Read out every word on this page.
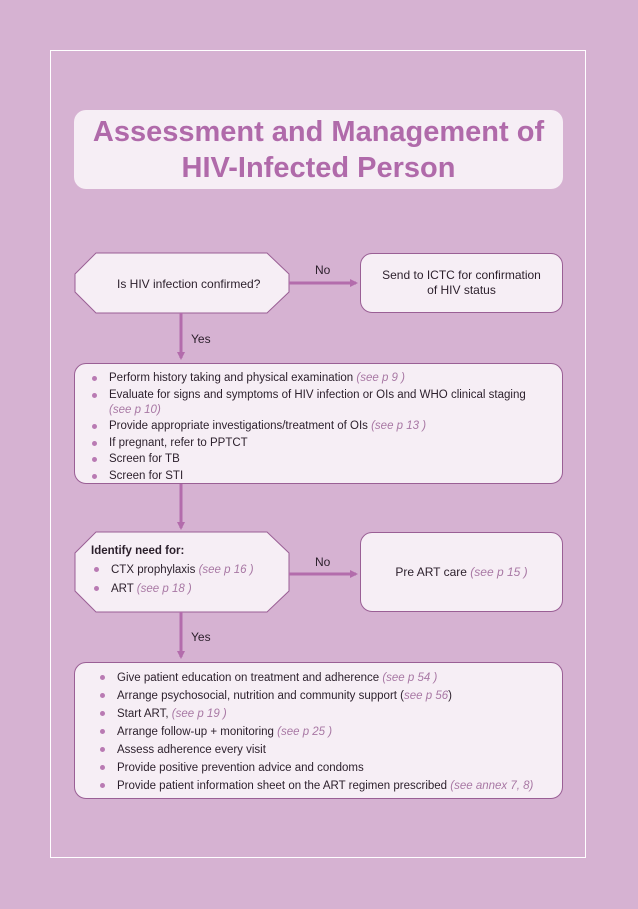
Assessment and Management of
HIV-Infected Person
Is HIV infection confirmed?
No
Yes
Send to ICTC for confirmation
of HIV status
Perform history taking and physical examination (see p 9 )
Evaluate for signs and symptoms of HIV infection or OIs and WHO clinical staging
(see p 10)
Provide appropriate investigations/treatment of OIs (see p 13 )
If pregnant, refer to PPTCT
Screen for TB
Screen for STI
Identify need for:
CTX prophylaxis (see p 16 )
ART (see p 18 )
No
Yes
Pre ART care (see p 15 )
Give patient education on treatment and adherence (see p 54 )
Arrange psychosocial, nutrition and community support (see p 56)
Start ART, (see p 19 )
Arrange follow-up + monitoring (see p 25 )
Assess adherence every visit
Provide positive prevention advice and condoms
Provide patient information sheet on the ART regimen prescribed (see annex 7, 8)
